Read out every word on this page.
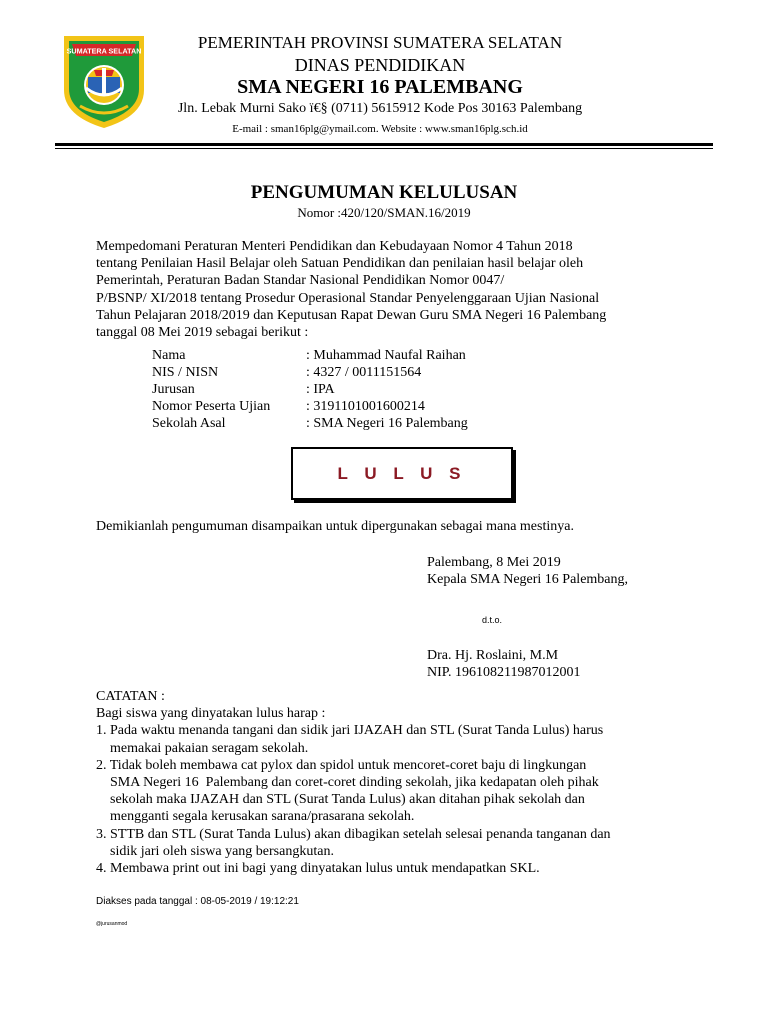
SUMATERA SELATAN	PEMERINTAH PROVINSI SUMATERA SELATAN
DINAS PENDIDIKAN
SMA NEGERI 16 PALEMBANG
Jln. Lebak Murni Sako ï€§ (0711) 5615912 Kode Pos 30163 Palembang
E-mail : sman16plg@ymail.com. Website : www.sman16plg.sch.id
PENGUMUMAN KELULUSAN
Nomor :420/120/SMAN.16/2019
Mempedomani Peraturan Menteri Pendidikan dan Kebudayaan Nomor 4 Tahun 2018
tentang Penilaian Hasil Belajar oleh Satuan Pendidikan dan penilaian hasil belajar oleh
Pemerintah, Peraturan Badan Standar Nasional Pendidikan Nomor 0047/
P/BSNP/ XI/2018 tentang Prosedur Operasional Standar Penyelenggaraan Ujian Nasional
Tahun Pelajaran 2018/2019 dan Keputusan Rapat Dewan Guru SMA Negeri 16 Palembang
tanggal 08 Mei 2019 sebagai berikut :
Nama	: Muhammad Naufal Raihan
NIS / NISN	: 4327 / 0011151564
Jurusan	: IPA
Nomor Peserta Ujian	: 3191101001600214
Sekolah Asal	: SMA Negeri 16 Palembang
L U L U S
Demikianlah pengumuman disampaikan untuk dipergunakan sebagai mana mestinya.
Palembang, 8 Mei 2019
Kepala SMA Negeri 16 Palembang,
d.t.o.
Dra. Hj. Roslaini, M.M
NIP. 196108211987012001
CATATAN :
Bagi siswa yang dinyatakan lulus harap :
1. Pada waktu menanda tangani dan sidik jari IJAZAH dan STL (Surat Tanda Lulus) harus
memakai pakaian seragam sekolah.
2. Tidak boleh membawa cat pylox dan spidol untuk mencoret-coret baju di lingkungan
SMA Negeri 16  Palembang dan coret-coret dinding sekolah, jika kedapatan oleh pihak
sekolah maka IJAZAH dan STL (Surat Tanda Lulus) akan ditahan pihak sekolah dan
mengganti segala kerusakan sarana/prasarana sekolah.
3. STTB dan STL (Surat Tanda Lulus) akan dibagikan setelah selesai penanda tanganan dan
sidik jari oleh siswa yang bersangkutan.
4. Membawa print out ini bagi yang dinyatakan lulus untuk mendapatkan SKL.
Diakses pada tanggal : 08-05-2019 / 19:12:21
@jurusanmod
